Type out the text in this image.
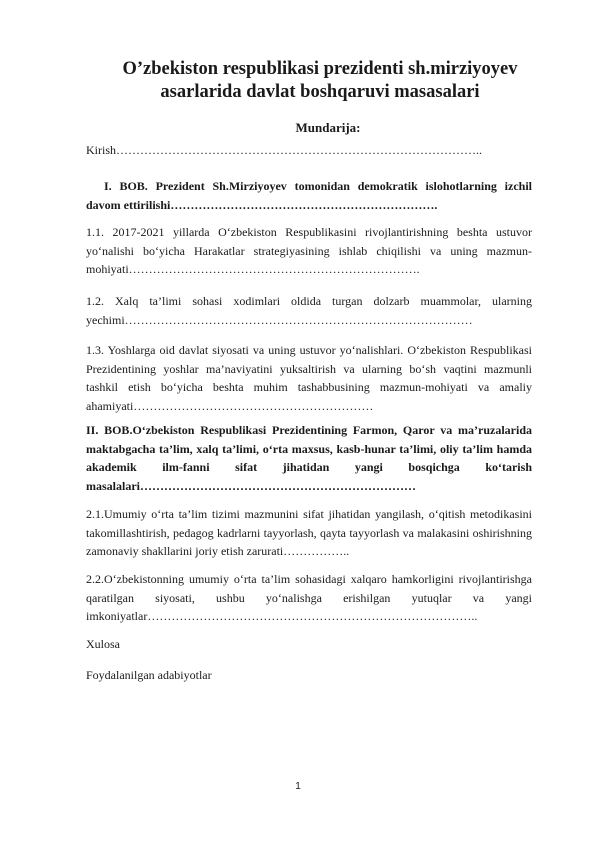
O’zbekiston respublikasi prezidenti sh.mirziyoyev
asarlarida davlat boshqaruvi masasalari

Mundarija:

Kirish………………………………………………………………………………..

I. BOB. Prezident Sh.Mirziyoyev tomonidan demokratik islohotlarning izchil davom ettirilishi………………………………………………………….

1.1. 2017-2021 yillarda O‘zbekiston Respublikasini rivojlantirishning beshta ustuvor yo‘nalishi bo‘yicha Harakatlar strategiyasining ishlab chiqilishi va uning mazmun-mohiyati……………………………………………………………….

1.2. Xalq ta’limi sohasi xodimlari oldida turgan dolzarb muammolar, ularning yechimi……………………………………………………………………………

1.3. Yoshlarga oid davlat siyosati va uning ustuvor yo‘nalishlari. O‘zbekiston Respublikasi Prezidentining yoshlar ma’naviyatini yuksaltirish va ularning bo‘sh vaqtini mazmunli tashkil etish bo‘yicha beshta muhim tashabbusining mazmun-mohiyati va amaliy ahamiyati……………………………………………………

II. BOB.O‘zbekiston Respublikasi Prezidentining Farmon, Qaror va ma’ruzalarida maktabgacha ta’lim, xalq ta’limi, o‘rta maxsus, kasb-hunar ta’limi, oliy ta’lim hamda akademik ilm-fanni sifat jihatidan yangi bosqichga ko‘tarish masalalari……………………………………………………………

2.1.Umumiy o‘rta ta’lim tizimi mazmunini sifat jihatidan yangilash, o‘qitish metodikasini takomillashtirish, pedagog kadrlarni tayyorlash, qayta tayyorlash va malakasini oshirishning zamonaviy shakllarini joriy etish zarurati……………..

2.2.O‘zbekistonning umumiy o‘rta ta’lim sohasidagi xalqaro hamkorligini rivojlantirishga qaratilgan siyosati, ushbu yo‘nalishga erishilgan yutuqlar va yangi imkoniyatlar………………………………………………………………………..

Xulosa

Foydalanilgan adabiyotlar

1
